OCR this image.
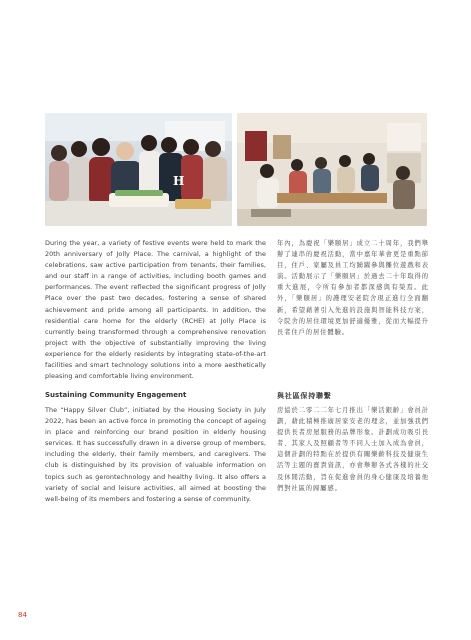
H

During the year, a variety of festive events were held to mark the 20th anniversary of Jolly Place. The carnival, a highlight of the celebrations, saw active participation from tenants, their families, and our staff in a range of activities, including booth games and performances. The event reflected the significant progress of Jolly Place over the past two decades, fostering a sense of shared achievement and pride among all participants. In addition, the residential care home for the elderly (RCHE) at Jolly Place is currently being transformed through a comprehensive renovation project with the objective of substantially improving the living experience for the elderly residents by integrating state-of-the-art facilities and smart technology solutions into a more aesthetically pleasing and comfortable living environment.

年內，為慶祝「樂頤居」成立二十周年，我們舉辦了連串的慶祝活動，當中嘉年華會更是重點節目，住戶、家屬及員工均踴躍參與攤位遊戲和表演。活動展示了「樂頤居」於過去二十年取得的重大進展，令所有參加者都深感與有榮焉。此外，「樂頤居」的護理安老院舍現正進行全面翻新，希望藉著引入先進的設施與智能科技方案，令院舍的居住環境更加舒適優雅，從而大幅提升長者住戶的居住體驗。

Sustaining Community Engagement	與社區保持聯繫

The “Happy Silver Club”, initiated by the Housing Society in July 2022, has been an active force in promoting the concept of ageing in place and reinforcing our brand position in elderly housing services. It has successfully drawn in a diverse group of members, including the elderly, their family members, and caregivers. The club is distinguished by its provision of valuable information on topics such as gerontechnology and healthy living. It also offers a variety of social and leisure activities, all aimed at boosting the well-being of its members and fostering a sense of community.

房協於二零二二年七月推出「樂活銀齡」會員計劃，藉此積極推廣居家安老的理念，並加強我們提供長者房屋服務的品牌形象。計劃成功吸引長者、其家人及照顧者等不同人士加入成為會員，這個計劃的特點在於提供有關樂齡科技及健康生活等主題的寶貴資訊，亦會舉辦各式各樣的社交及休閒活動，旨在促進會員的身心健康及培養他們對社區的歸屬感。

84
